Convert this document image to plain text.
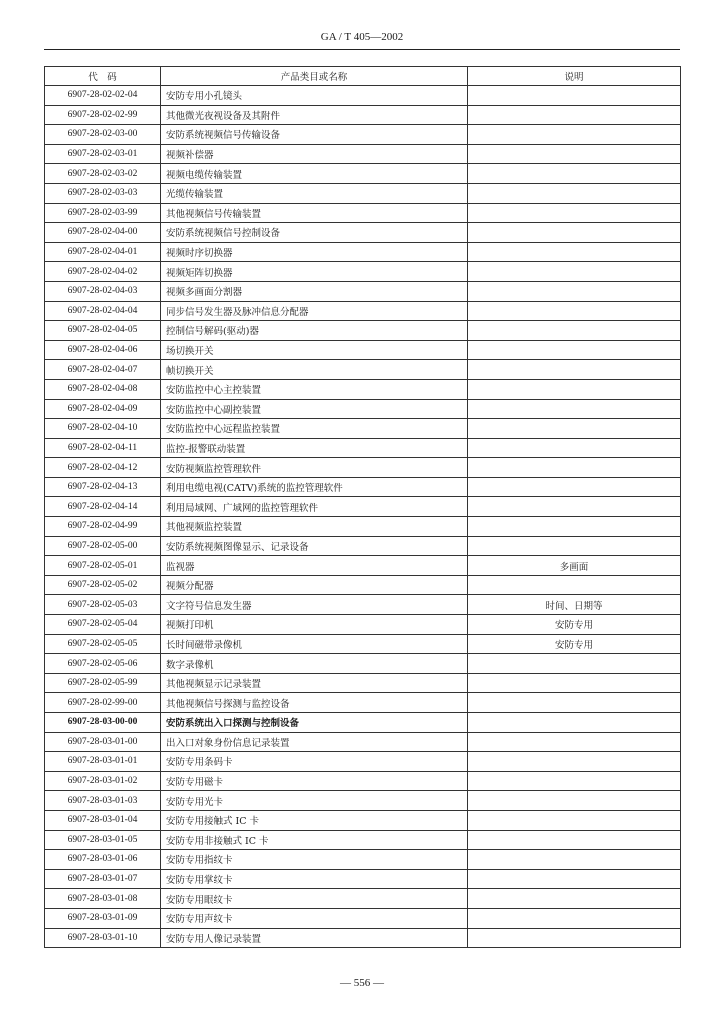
GA / T 405—2002
代　码	产品类目或名称	说明
6907-28-02-02-04	安防专用小孔镜头	
6907-28-02-02-99	其他微光夜视设备及其附件	
6907-28-02-03-00	安防系统视频信号传输设备	
6907-28-02-03-01	视频补偿器	
6907-28-02-03-02	视频电缆传输装置	
6907-28-02-03-03	光缆传输装置	
6907-28-02-03-99	其他视频信号传输装置	
6907-28-02-04-00	安防系统视频信号控制设备	
6907-28-02-04-01	视频时序切换器	
6907-28-02-04-02	视频矩阵切换器	
6907-28-02-04-03	视频多画面分割器	
6907-28-02-04-04	同步信号发生器及脉冲信息分配器	
6907-28-02-04-05	控制信号解码(驱动)器	
6907-28-02-04-06	场切换开关	
6907-28-02-04-07	帧切换开关	
6907-28-02-04-08	安防监控中心主控装置	
6907-28-02-04-09	安防监控中心副控装置	
6907-28-02-04-10	安防监控中心远程监控装置	
6907-28-02-04-11	监控-报警联动装置	
6907-28-02-04-12	安防视频监控管理软件	
6907-28-02-04-13	利用电缆电视(CATV)系统的监控管理软件	
6907-28-02-04-14	利用局域网、广域网的监控管理软件	
6907-28-02-04-99	其他视频监控装置	
6907-28-02-05-00	安防系统视频图像显示、记录设备	
6907-28-02-05-01	监视器	多画面
6907-28-02-05-02	视频分配器	
6907-28-02-05-03	文字符号信息发生器	时间、日期等
6907-28-02-05-04	视频打印机	安防专用
6907-28-02-05-05	长时间磁带录像机	安防专用
6907-28-02-05-06	数字录像机	
6907-28-02-05-99	其他视频显示记录装置	
6907-28-02-99-00	其他视频信号探测与监控设备	
6907-28-03-00-00	安防系统出入口探测与控制设备	
6907-28-03-01-00	出入口对象身份信息记录装置	
6907-28-03-01-01	安防专用条码卡	
6907-28-03-01-02	安防专用磁卡	
6907-28-03-01-03	安防专用光卡	
6907-28-03-01-04	安防专用接触式 IC 卡	
6907-28-03-01-05	安防专用非接触式 IC 卡	
6907-28-03-01-06	安防专用指纹卡	
6907-28-03-01-07	安防专用掌纹卡	
6907-28-03-01-08	安防专用眼纹卡	
6907-28-03-01-09	安防专用声纹卡	
6907-28-03-01-10	安防专用人像记录装置	
— 556 —
